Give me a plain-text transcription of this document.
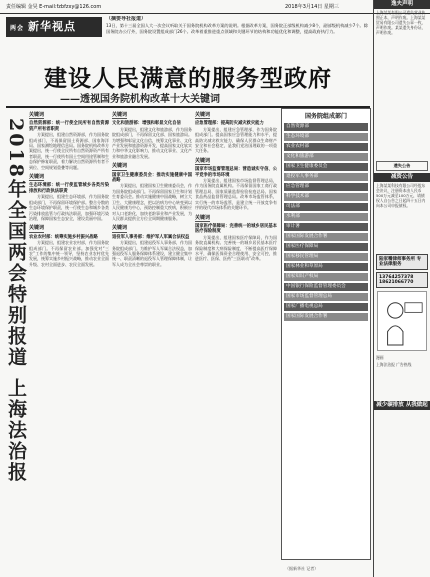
责任编辑 金昊 E-mail:fzbfzxy@126.com	2018年3月14日 星期三
两会 新华视点
（摘要导社报道）
13日，第十三届全国人大一次会议听取关于国务院机构改革方案的说明。根据改革方案，国务院正部级机构减少8个，副部级机构减少7个。除国务院办公厅外，国务院设置组成部门26个。改革着重推进重点领域和关键环节的结构和功能优化和调整，提高政府执行力。
建设人民满意的服务型政府
——透视国务院机构改革十大关键词
2018年全国两会特别报道
上海法治报
关键词
自然资源部：统一行使全民所有自然资源资产所有者职责
方案提出，组建自然资源部，作为国务院组成部门，不再保留国土资源部、国家海洋局、国家测绘地理信息局。国务院机构改革方案提出，统一行使全民所有自然资源资产所有者职责，统一行使所有国土空间用途管制和生态保护修复职责，着力解决自然资源所有者不到位、空间规划重叠等问题。
关键词
生态环境部：统一行使监管城乡各类污染排放和行政执法职责
方案提出，组建生态环境部，作为国务院组成部门，不再保留环境保护部。整合分散的生态环境保护职责，统一行使生态和城乡各类污染排放监管与行政执法职责，加强环境污染治理，保障国家生态安全，建设美丽中国。
关键词
农业农村部：统筹实施乡村振兴战略
方案提出，组建农业农村部，作为国务院组成部门。不再保留农业部。加强党对“三农”工作的集中统一领导，坚持农业农村优先发展，统筹实施乡村振兴战略，推动农业全面升级、农村全面进步、农民全面发展。
关键词
文化和旅游部：增强和彰显文化自信
方案提出，组建文化和旅游部，作为国务院组成部门，不再保留文化部、国家旅游局。为增强和彰显文化自信，统筹文化事业、文化产业发展和旅游资源开发，提高国家文化软实力和中华文化影响力，推动文化事业、文化产业和旅游业融合发展。
关键词
国家卫生健康委员会：推动实施健康中国战略
方案提出，组建国家卫生健康委员会，作为国务院组成部门。不再保留国家卫生和计划生育委员会。推动实施健康中国战略，树立大卫生、大健康理念，把以治病为中心转变到以人民健康为中心，预防控制重大疾病，积极应对人口老龄化，加快老龄事业和产业发展，为人民群众提供全方位全周期健康服务。
关键词
退役军人事务部：维护军人军属合法权益
方案提出，组建退役军人事务部，作为国务院组成部门。为维护军人军属合法权益，加强退役军人服务保障体系建设，建立健全集中统一、职责清晰的退役军人管理保障体制，让军人成为全社会尊崇的职业。
关键词
应急管理部：提高防灾减灾救灾能力
方案提出，组建应急管理部，作为国务院组成部门。提高国家应急管理能力和水平，提高防灾减灾救灾能力，确保人民群众生命财产安全和社会稳定，是我们党治国理政的一项重大任务。
关键词
国家市场监督管理总局：营造诚实守信、公平竞争的市场环境
方案提出，组建国家市场监督管理总局，作为国务院直属机构。不再保留国家工商行政管理总局、国家质量监督检验检疫总局、国家食品药品监督管理总局。改革市场监管体系，实行统一的市场监管，是建立统一开放竞争有序的现代市场体系的关键环节。
关键词
国家医疗保障局：完善统一的城乡居民基本医疗保险制度
方案提出，组建国家医疗保障局，作为国务院直属机构。完善统一的城乡居民基本医疗保险制度和大病保险制度，不断提高医疗保障水平，确保医保资金合理使用、安全可控，推进医疗、医保、医药“三医联动”改革。
国务院组成部门
自然资源部
生态环境部
农业农村部
文化和旅游部
国家卫生健康委员会
退役军人事务部
应急管理部
科学技术部
司法部
水利部
审计署
国家国际发展合作署
国家医疗保障局
国家移民管理局
国家林业和草原局
国家知识产权局
中国银行保险监督管理委员会
国家市场监督管理总局
国家广播电视总局
国家国际发展合作署
逸夫声明
上海某某有限公司遗失营业执照正本，声明作废。上海某某贸易有限公司遗失公章一枚，声明作废。某某遗失身份证，声明作废。
遗失公告
减资公告
上海某某科技有限公司经股东会决议，注册资本由人民币500万元减至100万元，请债权人自公告之日起四十五日内向本公司申报债权。
陆家嘴律师事务所 专业法律服务
13764257378 18621066770
漫画
上海法治报 广告热线
减少碳排放 从我做起
（据新华社 记者）
